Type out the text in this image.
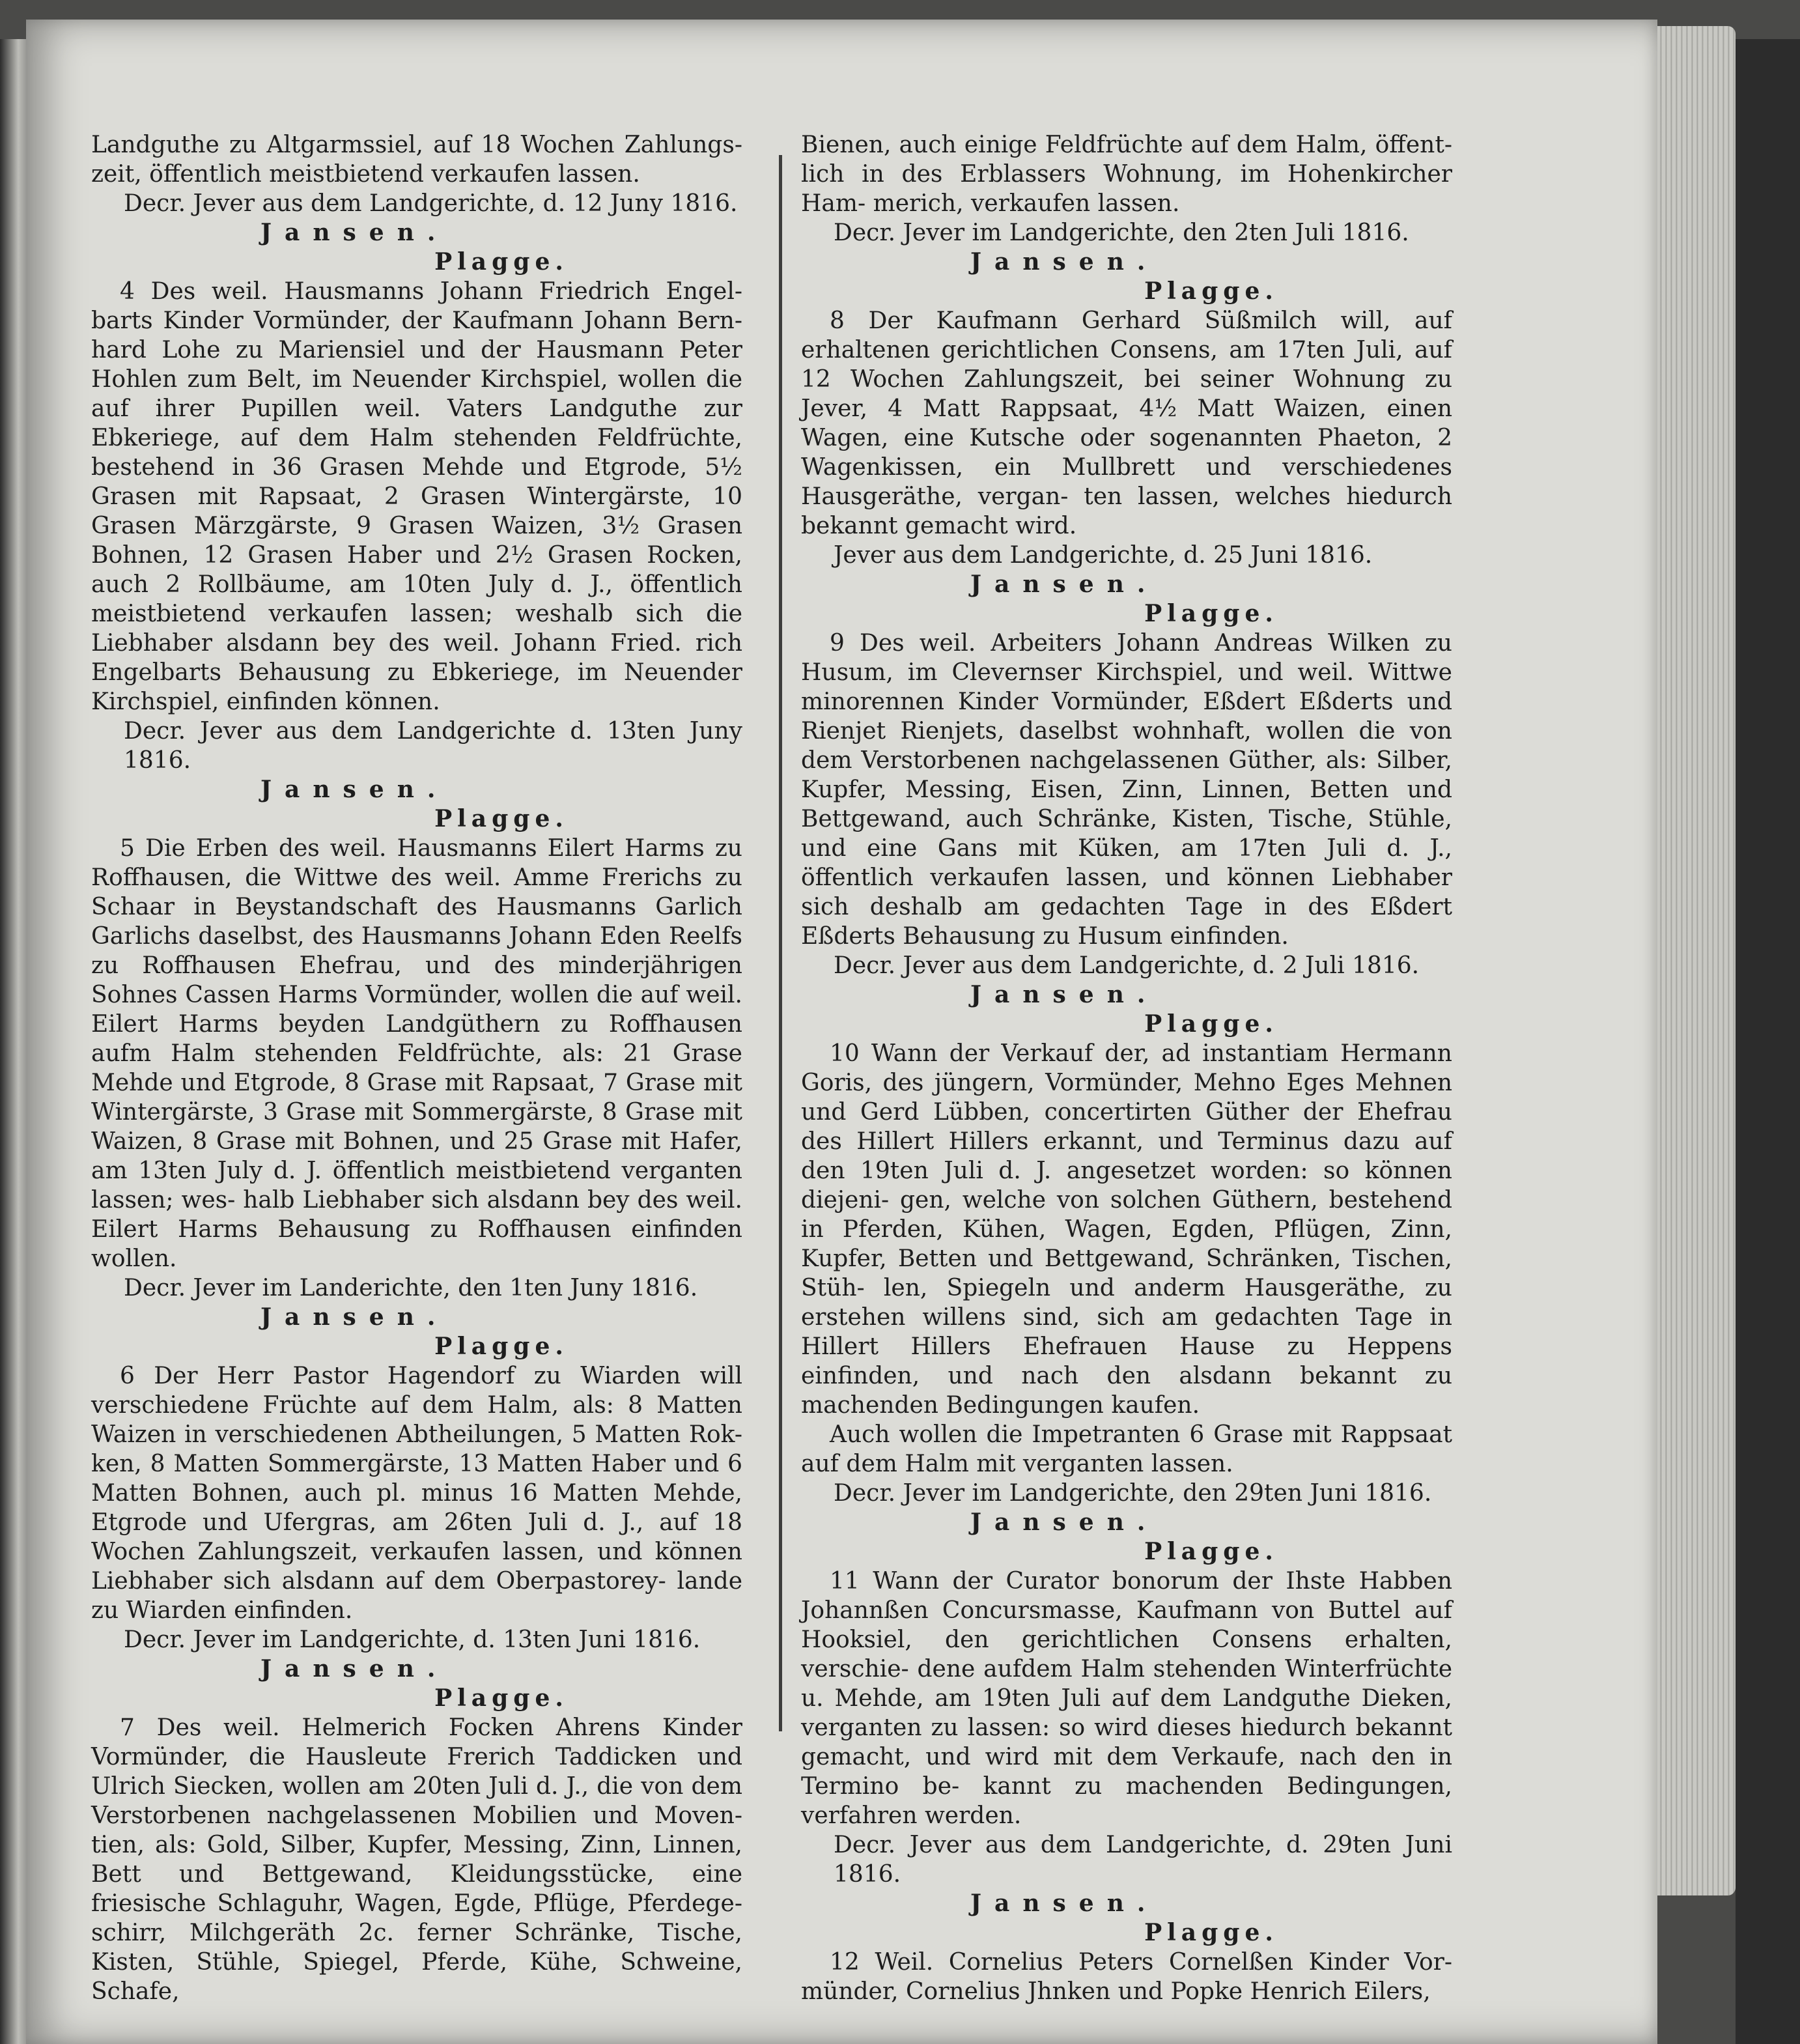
Landguthe zu Altgarmssiel, auf 18 Wochen Zahlungs- zeit, öffentlich meistbietend verkaufen lassen.

Decr. Jever aus dem Landgerichte, d. 12 Juny 1816.

Jansen.

Plagge.

4 Des weil. Hausmanns Johann Friedrich Engel- barts Kinder Vormünder, der Kaufmann Johann Bern- hard Lohe zu Mariensiel und der Hausmann Peter Hohlen zum Belt, im Neuender Kirchspiel, wollen die auf ihrer Pupillen weil. Vaters Landguthe zur Ebkeriege, auf dem Halm stehenden Feldfrüchte, bestehend in 36 Grasen Mehde und Etgrode, 5½ Grasen mit Rapsaat, 2 Grasen Wintergärste, 10 Grasen Märzgärste, 9 Grasen Waizen, 3½ Grasen Bohnen, 12 Grasen Haber und 2½ Grasen Rocken, auch 2 Rollbäume, am 10ten July d. J., öffentlich meistbietend verkaufen lassen; weshalb sich die Liebhaber alsdann bey des weil. Johann Fried. rich Engelbarts Behausung zu Ebkeriege, im Neuender Kirchspiel, einfinden können.

Decr. Jever aus dem Landgerichte d. 13ten Juny 1816.

Jansen.

Plagge.

5 Die Erben des weil. Hausmanns Eilert Harms zu Roffhausen, die Wittwe des weil. Amme Frerichs zu Schaar in Beystandschaft des Hausmanns Garlich Garlichs daselbst, des Hausmanns Johann Eden Reelfs zu Roffhausen Ehefrau, und des minderjährigen Sohnes Cassen Harms Vormünder, wollen die auf weil. Eilert Harms beyden Landgüthern zu Roffhausen aufm Halm stehenden Feldfrüchte, als: 21 Grase Mehde und Etgrode, 8 Grase mit Rapsaat, 7 Grase mit Wintergärste, 3 Grase mit Sommergärste, 8 Grase mit Waizen, 8 Grase mit Bohnen, und 25 Grase mit Hafer, am 13ten July d. J. öffentlich meistbietend verganten lassen; wes- halb Liebhaber sich alsdann bey des weil. Eilert Harms Behausung zu Roffhausen einfinden wollen.

Decr. Jever im Landerichte, den 1ten Juny 1816.

Jansen.

Plagge.

6 Der Herr Pastor Hagendorf zu Wiarden will verschiedene Früchte auf dem Halm, als: 8 Matten Waizen in verschiedenen Abtheilungen, 5 Matten Rok- ken, 8 Matten Sommergärste, 13 Matten Haber und 6 Matten Bohnen, auch pl. minus 16 Matten Mehde, Etgrode und Ufergras, am 26ten Juli d. J., auf 18 Wochen Zahlungszeit, verkaufen lassen, und können Liebhaber sich alsdann auf dem Oberpastorey- lande zu Wiarden einfinden.

Decr. Jever im Landgerichte, d. 13ten Juni 1816.

Jansen.

Plagge.

7 Des weil. Helmerich Focken Ahrens Kinder Vormünder, die Hausleute Frerich Taddicken und Ulrich Siecken, wollen am 20ten Juli d. J., die von dem Verstorbenen nachgelassenen Mobilien und Moven- tien, als: Gold, Silber, Kupfer, Messing, Zinn, Linnen, Bett und Bettgewand, Kleidungsstücke, eine friesische Schlaguhr, Wagen, Egde, Pflüge, Pferdege- schirr, Milchgeräth 2c. ferner Schränke, Tische, Kisten, Stühle, Spiegel, Pferde, Kühe, Schweine, Schafe,

Bienen, auch einige Feldfrüchte auf dem Halm, öffent- lich in des Erblassers Wohnung, im Hohenkircher Ham- merich, verkaufen lassen.

Decr. Jever im Landgerichte, den 2ten Juli 1816.

Jansen.

Plagge.

8 Der Kaufmann Gerhard Süßmilch will, auf erhaltenen gerichtlichen Consens, am 17ten Juli, auf 12 Wochen Zahlungszeit, bei seiner Wohnung zu Jever, 4 Matt Rappsaat, 4½ Matt Waizen, einen Wagen, eine Kutsche oder sogenannten Phaeton, 2 Wagenkissen, ein Mullbrett und verschiedenes Hausgeräthe, vergan- ten lassen, welches hiedurch bekannt gemacht wird.

Jever aus dem Landgerichte, d. 25 Juni 1816.

Jansen.

Plagge.

9 Des weil. Arbeiters Johann Andreas Wilken zu Husum, im Clevernser Kirchspiel, und weil. Wittwe minorennen Kinder Vormünder, Eßdert Eßderts und Rienjet Rienjets, daselbst wohnhaft, wollen die von dem Verstorbenen nachgelassenen Güther, als: Silber, Kupfer, Messing, Eisen, Zinn, Linnen, Betten und Bettgewand, auch Schränke, Kisten, Tische, Stühle, und eine Gans mit Küken, am 17ten Juli d. J., öffentlich verkaufen lassen, und können Liebhaber sich deshalb am gedachten Tage in des Eßdert Eßderts Behausung zu Husum einfinden.

Decr. Jever aus dem Landgerichte, d. 2 Juli 1816.

Jansen.

Plagge.

10 Wann der Verkauf der, ad instantiam Hermann Goris, des jüngern, Vormünder, Mehno Eges Mehnen und Gerd Lübben, concertirten Güther der Ehefrau des Hillert Hillers erkannt, und Terminus dazu auf den 19ten Juli d. J. angesetzet worden: so können diejeni- gen, welche von solchen Güthern, bestehend in Pferden, Kühen, Wagen, Egden, Pflügen, Zinn, Kupfer, Betten und Bettgewand, Schränken, Tischen, Stüh- len, Spiegeln und anderm Hausgeräthe, zu erstehen willens sind, sich am gedachten Tage in Hillert Hillers Ehefrauen Hause zu Heppens einfinden, und nach den alsdann bekannt zu machenden Bedingungen kaufen.

Auch wollen die Impetranten 6 Grase mit Rappsaat auf dem Halm mit verganten lassen.

Decr. Jever im Landgerichte, den 29ten Juni 1816.

Jansen.

Plagge.

11 Wann der Curator bonorum der Ihste Habben Johannßen Concursmasse, Kaufmann von Buttel auf Hooksiel, den gerichtlichen Consens erhalten, verschie- dene aufdem Halm stehenden Winterfrüchte u. Mehde, am 19ten Juli auf dem Landguthe Dieken, verganten zu lassen: so wird dieses hiedurch bekannt gemacht, und wird mit dem Verkaufe, nach den in Termino be- kannt zu machenden Bedingungen, verfahren werden.

Decr. Jever aus dem Landgerichte, d. 29ten Juni 1816.

Jansen.

Plagge.

12 Weil. Cornelius Peters Cornelßen Kinder Vor- münder, Cornelius Jhnken und Popke Henrich Eilers,
